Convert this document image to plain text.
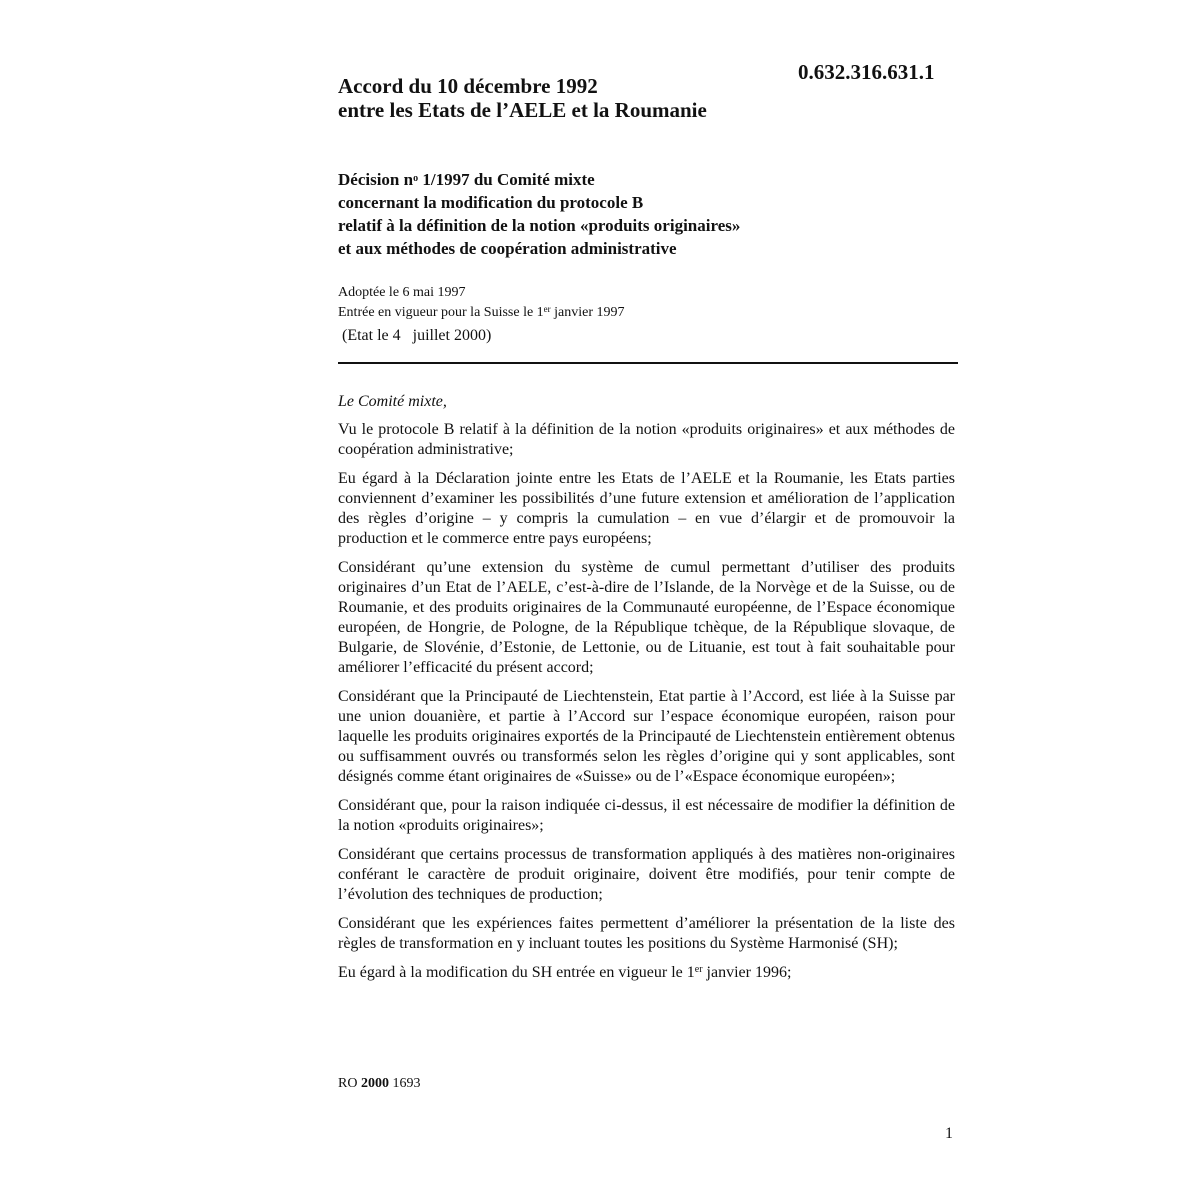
0.632.316.631.1
Accord du 10 décembre 1992
entre les Etats de l’AELE et la Roumanie
Décision $n^o$ 1/1997 du Comité mixte
concernant la modification du protocole B
relatif à la définition de la notion «produits originaires»
et aux méthodes de coopération administrative
Adoptée le 6 mai 1997
Entrée en vigueur pour la Suisse le 1er janvier 1997
(Etat le 4 juillet 2000)

Le Comité mixte,

Vu le protocole B relatif à la définition de la notion «produits originaires» et aux méthodes de coopération administrative;

Eu égard à la Déclaration jointe entre les Etats de l’AELE et la Roumanie, les Etats parties conviennent d’examiner les possibilités d’une future extension et amélioration de l’application des règles d’origine – y compris la cumulation – en vue d’élargir et de promouvoir la production et le commerce entre pays européens;

Considérant qu’une extension du système de cumul permettant d’utiliser des produits originaires d’un Etat de l’AELE, c’est-à-dire de l’Islande, de la Norvège et de la Suisse, ou de Roumanie, et des produits originaires de la Communauté européenne, de l’Espace économique européen, de Hongrie, de Pologne, de la République tchèque, de la République slovaque, de Bulgarie, de Slovénie, d’Estonie, de Lettonie, ou de Lituanie, est tout à fait souhaitable pour améliorer l’efficacité du présent accord;

Considérant que la Principauté de Liechtenstein, Etat partie à l’Accord, est liée à la Suisse par une union douanière, et partie à l’Accord sur l’espace économique européen, raison pour laquelle les produits originaires exportés de la Principauté de Liechtenstein entièrement obtenus ou suffisamment ouvrés ou transformés selon les règles d’origine qui y sont applicables, sont désignés comme étant originaires de «Suisse» ou de l’«Espace économique européen»;

Considérant que, pour la raison indiquée ci-dessus, il est nécessaire de modifier la définition de la notion «produits originaires»;

Considérant que certains processus de transformation appliqués à des matières non-originaires conférant le caractère de produit originaire, doivent être modifiés, pour tenir compte de l’évolution des techniques de production;

Considérant que les expériences faites permettent d’améliorer la présentation de la liste des règles de transformation en y incluant toutes les positions du Système Harmonisé (SH);

Eu égard à la modification du SH entrée en vigueur le 1er janvier 1996;

RO 2000 1693
1
